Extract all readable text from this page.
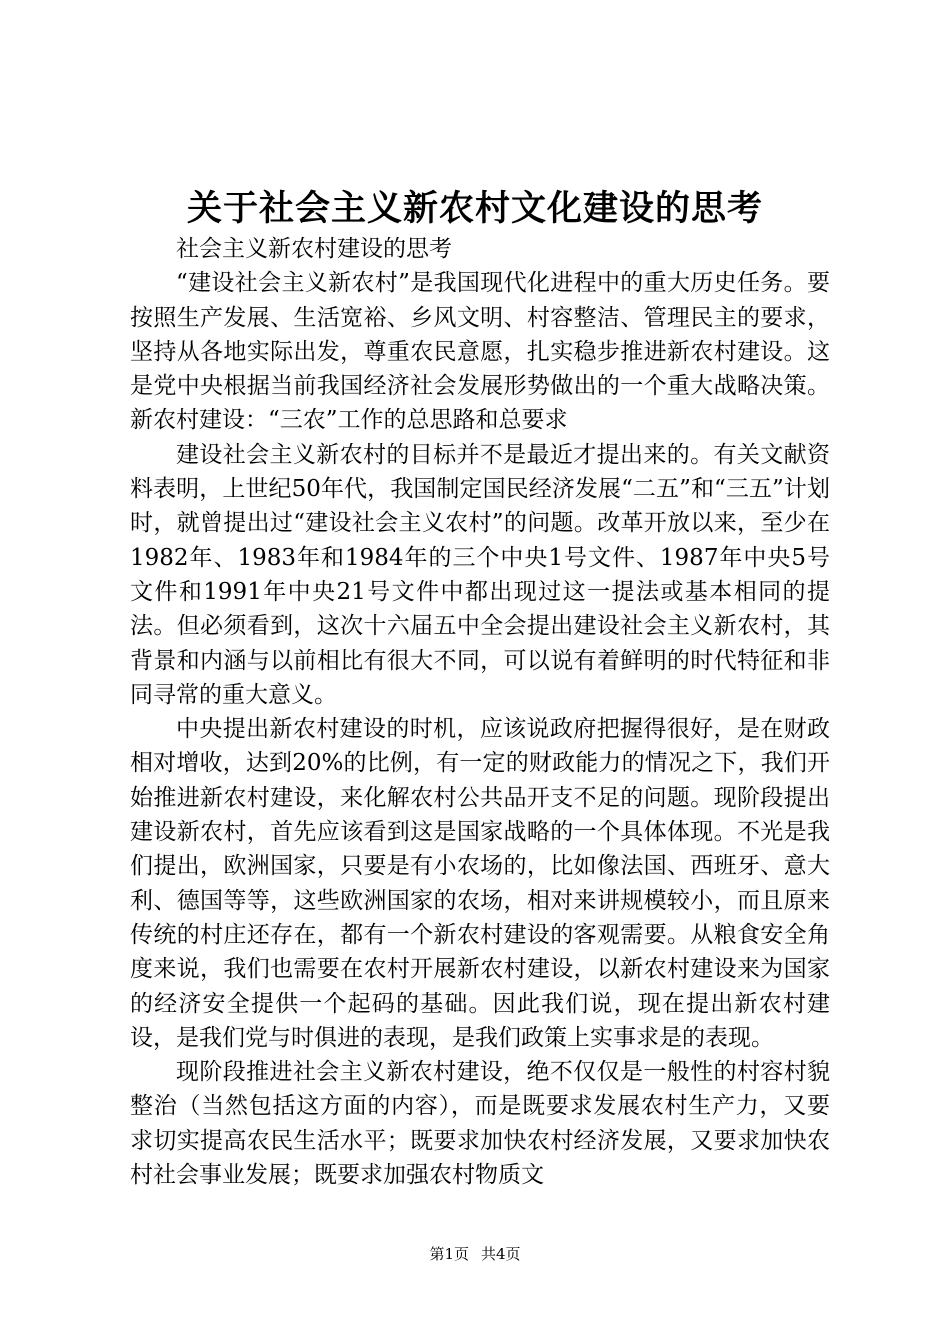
关于社会主义新农村文化建设的思考

社会主义新农村建设的思考

“建设社会主义新农村”是我国现代化进程中的重大历史任务。要按照生产发展、生活宽裕、乡风文明、村容整洁、管理民主的要求，坚持从各地实际出发，尊重农民意愿，扎实稳步推进新农村建设。这是党中央根据当前我国经济社会发展形势做出的一个重大战略决策。新农村建设：“三农”工作的总思路和总要求

建设社会主义新农村的目标并不是最近才提出来的。有关文献资料表明，上世纪50年代，我国制定国民经济发展“二五”和“三五”计划时，就曾提出过“建设社会主义农村”的问题。改革开放以来，至少在1982年、1983年和1984年的三个中央1号文件、1987年中央5号文件和1991年中央21号文件中都出现过这一提法或基本相同的提法。但必须看到，这次十六届五中全会提出建设社会主义新农村，其背景和内涵与以前相比有很大不同，可以说有着鲜明的时代特征和非同寻常的重大意义。

中央提出新农村建设的时机，应该说政府把握得很好，是在财政相对增收，达到20%的比例，有一定的财政能力的情况之下，我们开始推进新农村建设，来化解农村公共品开支不足的问题。现阶段提出建设新农村，首先应该看到这是国家战略的一个具体体现。不光是我们提出，欧洲国家，只要是有小农场的，比如像法国、西班牙、意大利、德国等等，这些欧洲国家的农场，相对来讲规模较小，而且原来传统的村庄还存在，都有一个新农村建设的客观需要。从粮食安全角度来说，我们也需要在农村开展新农村建设，以新农村建设来为国家的经济安全提供一个起码的基础。因此我们说，现在提出新农村建设，是我们党与时俱进的表现，是我们政策上实事求是的表现。

现阶段推进社会主义新农村建设，绝不仅仅是一般性的村容村貌整治（当然包括这方面的内容），而是既要求发展农村生产力，又要求切实提高农民生活水平；既要求加快农村经济发展，又要求加快农村社会事业发展；既要求加强农村物质文

第1页 共4页
